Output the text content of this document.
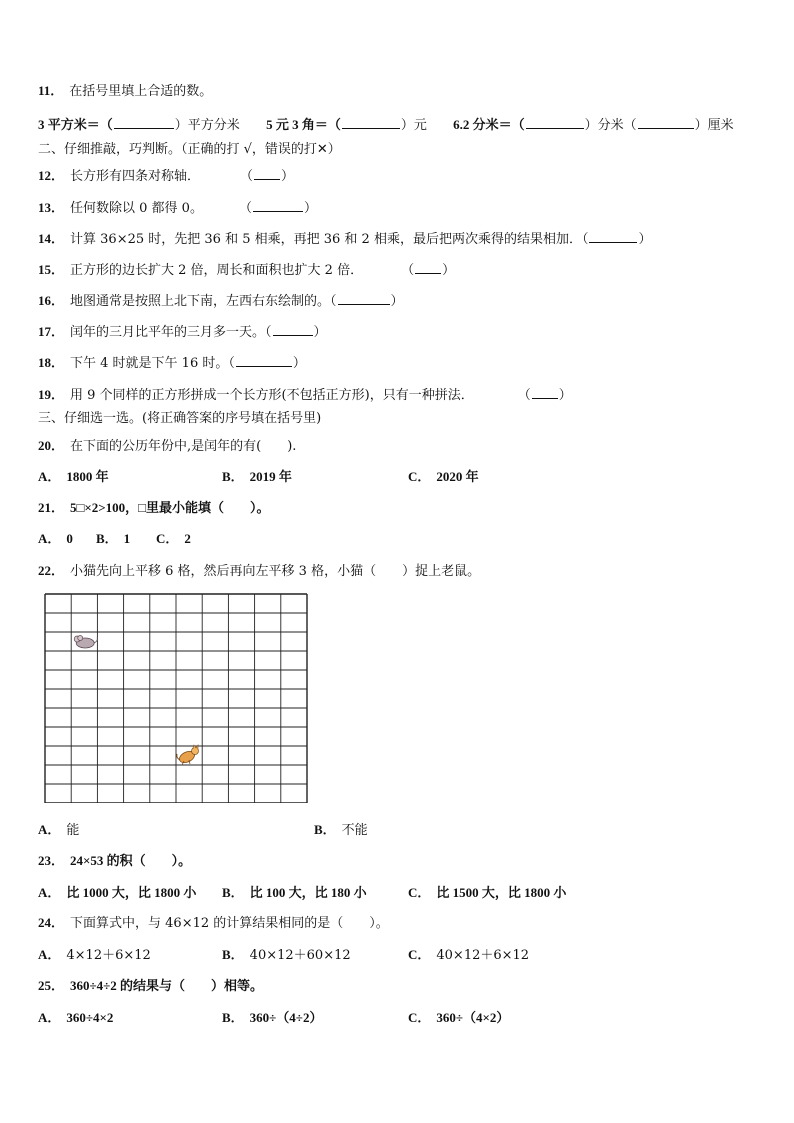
11． 在括号里填上合适的数。
3 平方米＝（	）平方分米 5 元 3 角＝（	）元 6.2 分米＝（	）分米（	）厘米
二、仔细推敲，巧判断。（正确的打 √，错误的打✕）
12． 长方形有四条对称轴．	（ ）
13． 任何数除以 0 都得 0。	（	）
14． 计算 36×25 时，先把 36 和 5 相乘，再把 36 和 2 相乘，最后把两次乘得的结果相加．（	）
15． 正方形的边长扩大 2 倍，周长和面积也扩大 2 倍．	（ ）
16． 地图通常是按照上北下南，左西右东绘制的。（	）
17． 闰年的三月比平年的三月多一天。（	）
18． 下午 4 时就是下午 16 时。（	）
19． 用 9 个同样的正方形拼成一个长方形(不包括正方形)，只有一种拼法．	（ ）
三、仔细选一选。(将正确答案的序号填在括号里)
20． 在下面的公历年份中,是闰年的有(　　).
A． 1800 年	B． 2019 年	C． 2020 年
21． 5□×2>100，□里最小能填（　　）。
A． 0 B． 1 C． 2
22． 小猫先向上平移 6 格，然后再向左平移 3 格，小猫（　　）捉上老鼠。
A． 能	B． 不能
23． 24×53 的积（　　）。
A． 比 1000 大，比 1800 小 B． 比 100 大，比 180 小	C． 比 1500 大，比 1800 小
24． 下面算式中，与 46×12 的计算结果相同的是（　　）。
A． 4×12＋6×12	B． 40×12＋60×12	C． 40×12＋6×12
25． 360÷4÷2 的结果与（　　）相等。
A． 360÷4×2	B． 360÷（4÷2）	C． 360÷（4×2）
